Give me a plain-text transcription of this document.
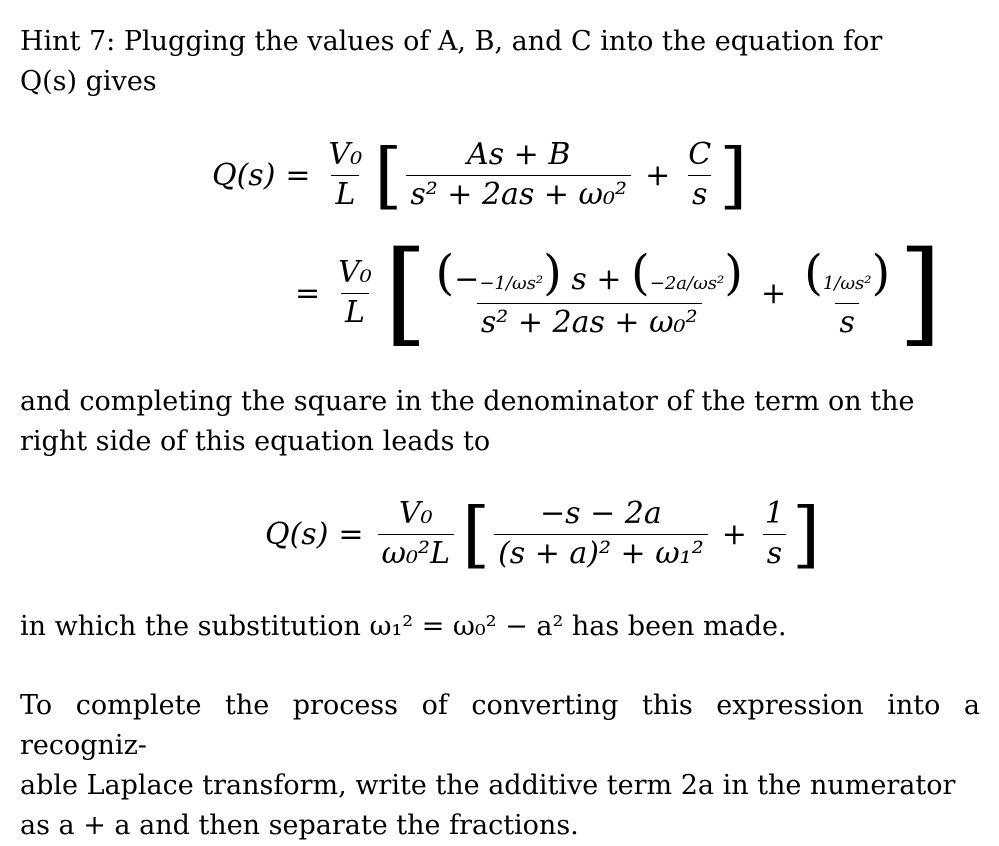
Hint 7: Plugging the values of A, B, and C into the equation for
Q(s) gives

$Q(s) = \frac{\text{V₀}}{L}$ [ $\frac{As + B}{\text{s² + 2as + ω₀²}} + \frac{C}{s}$ ]
= $\frac{\text{V₀}}{L}$ [ $\frac{\text{(−−1/ωs²) s + (−2a/ωs²)}}{\text{s² + 2as + ω₀²}} + \frac{\text{(1/ωs²)}}{s}$ ]

and completing the square in the denominator of the term on the
right side of this equation leads to

$Q(s) = \frac{\text{V₀}}{\text{ω₀²L}}$ [ $\frac{-s - 2a}{\text{(s + a)² + ω₁²}} + \frac{1}{s}$ ]

in which the substitution ω₁² = ω₀² − a² has been made.

To complete the process of converting this expression into a recogniz-
able Laplace transform, write the additive term 2a in the numerator
as a + a and then separate the fractions.
